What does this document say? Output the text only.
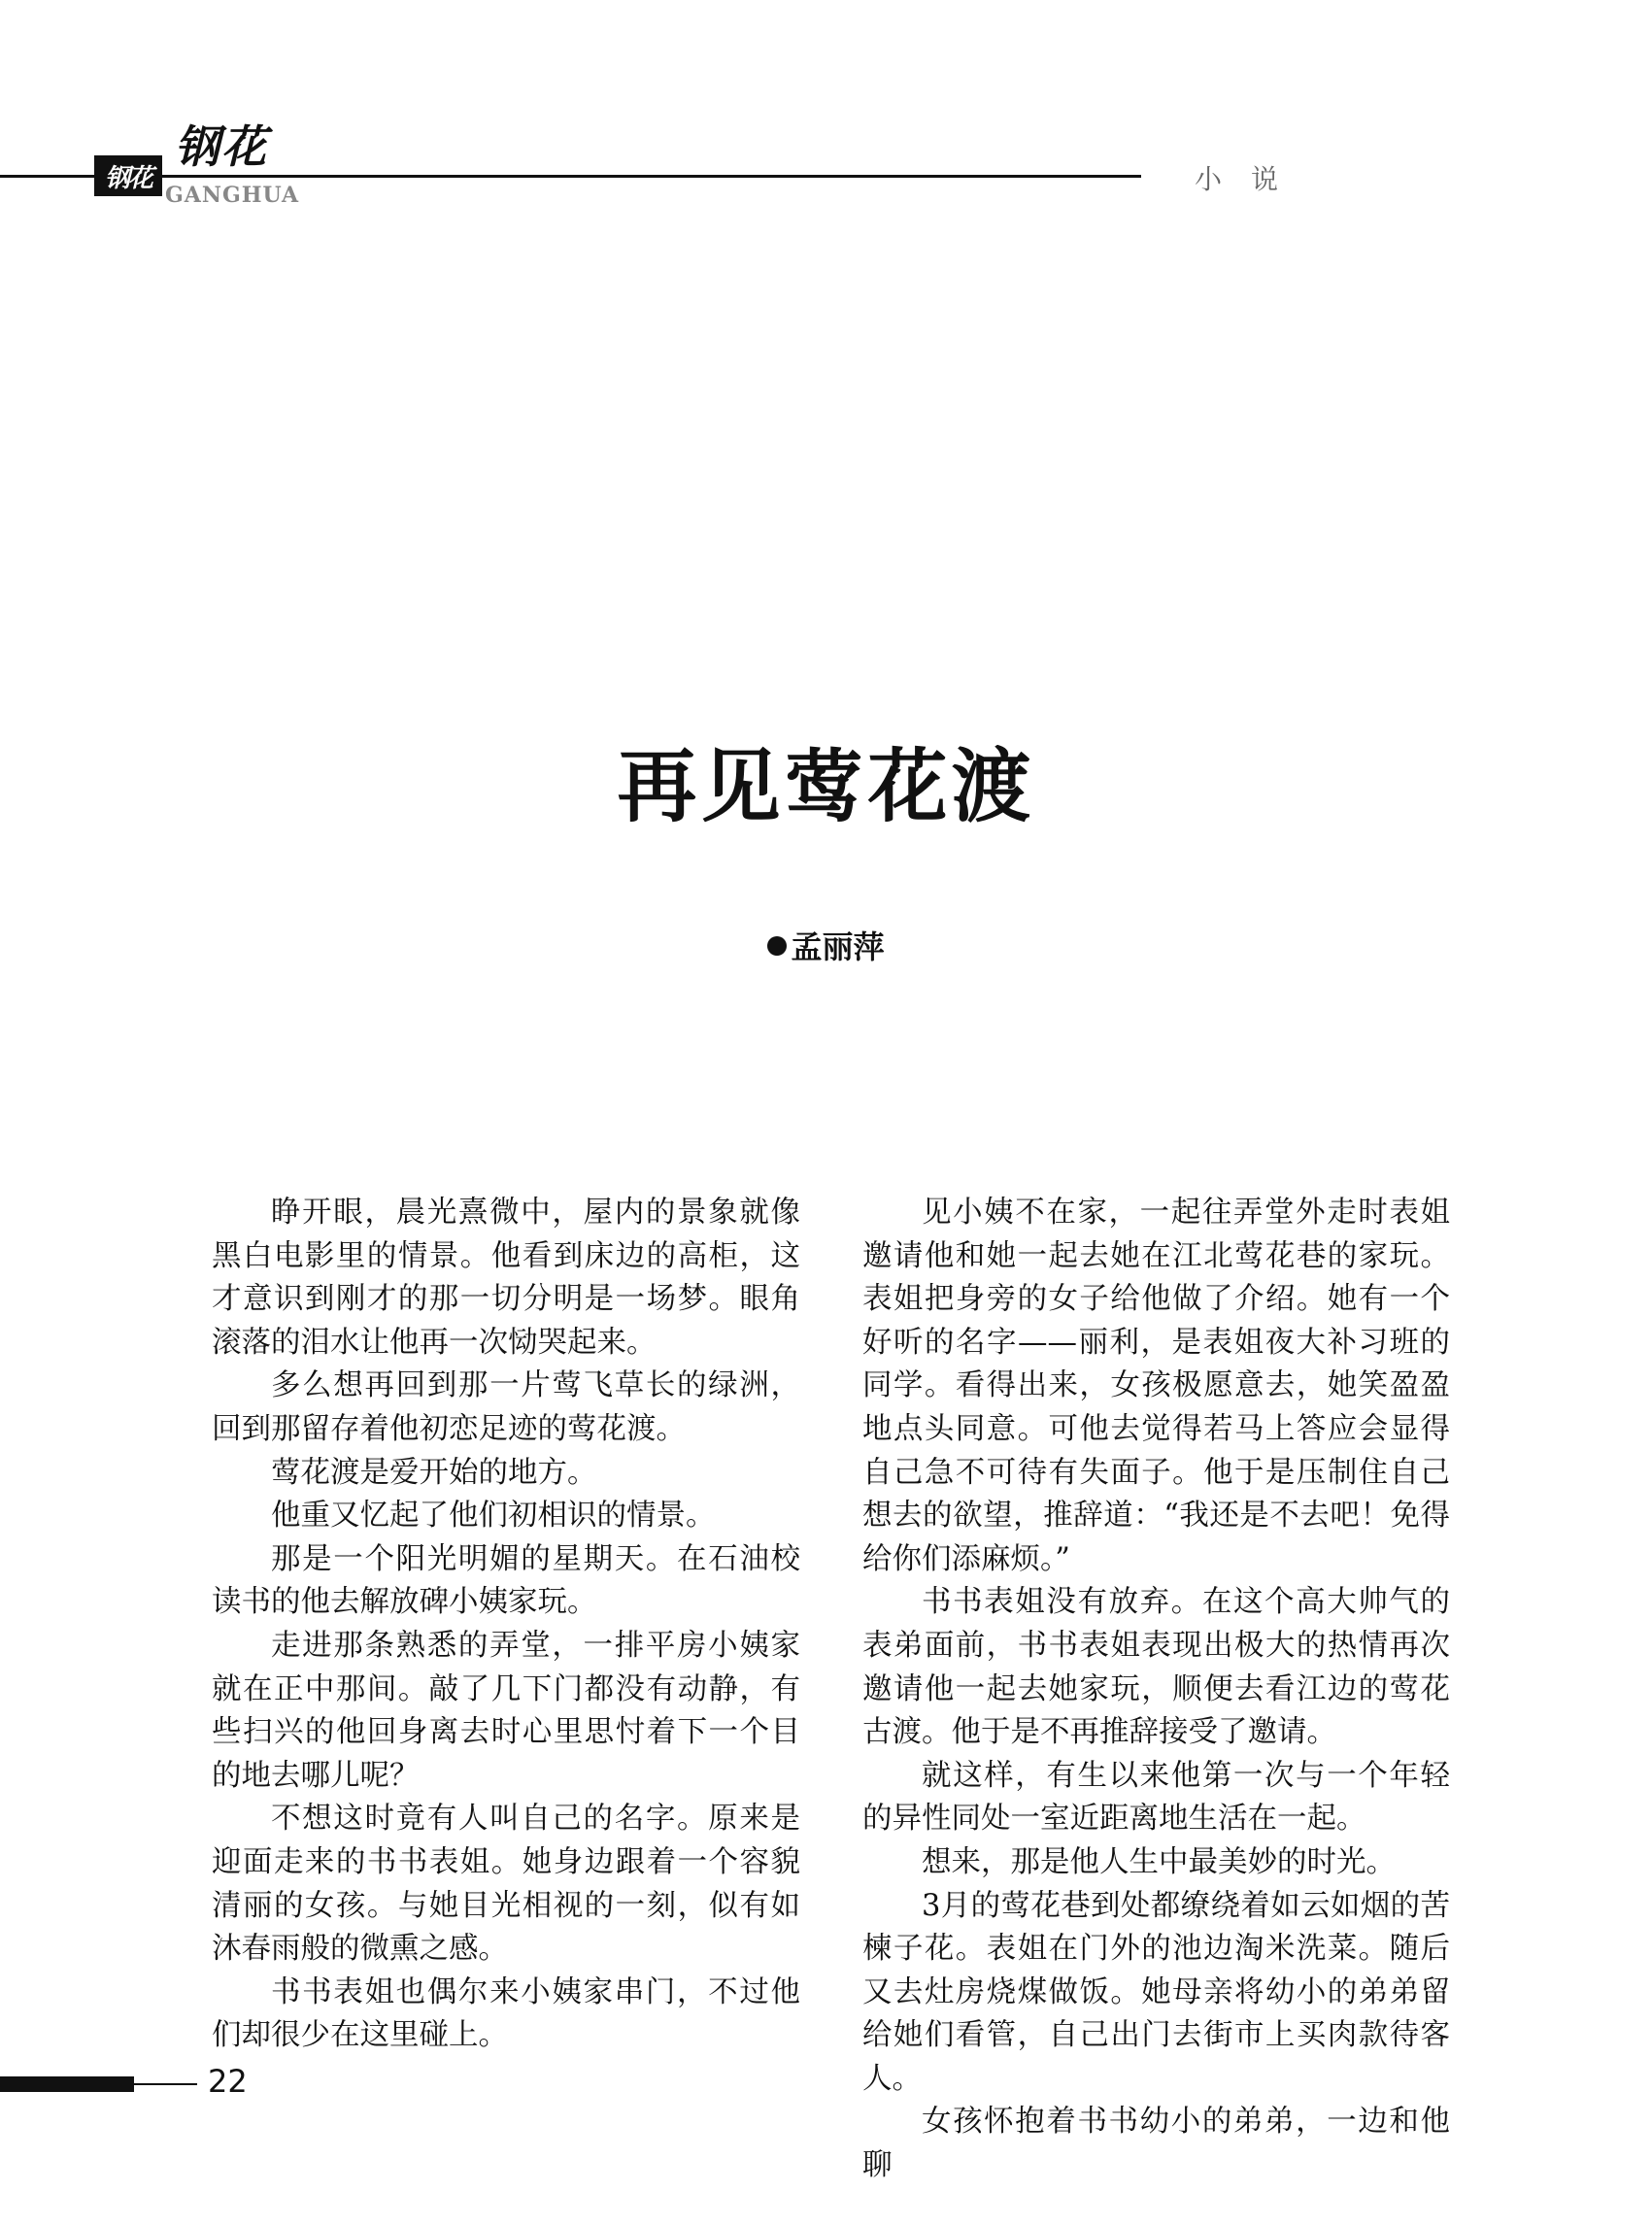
钢花
钢花
GANGHUA	小说
再见莺花渡
孟丽萍

睁开眼，晨光熹微中，屋内的景象就像黑白电影里的情景。他看到床边的高柜，这才意识到刚才的那一切分明是一场梦。眼角滚落的泪水让他再一次恸哭起来。

多么想再回到那一片莺飞草长的绿洲，回到那留存着他初恋足迹的莺花渡。

莺花渡是爱开始的地方。

他重又忆起了他们初相识的情景。

那是一个阳光明媚的星期天。在石油校读书的他去解放碑小姨家玩。

走进那条熟悉的弄堂，一排平房小姨家就在正中那间。敲了几下门都没有动静，有些扫兴的他回身离去时心里思忖着下一个目的地去哪儿呢？

不想这时竟有人叫自己的名字。原来是迎面走来的书书表姐。她身边跟着一个容貌清丽的女孩。与她目光相视的一刻，似有如沐春雨般的微熏之感。

书书表姐也偶尔来小姨家串门，不过他们却很少在这里碰上。

见小姨不在家，一起往弄堂外走时表姐邀请他和她一起去她在江北莺花巷的家玩。表姐把身旁的女子给他做了介绍。她有一个好听的名字——丽利，是表姐夜大补习班的同学。看得出来，女孩极愿意去，她笑盈盈地点头同意。可他去觉得若马上答应会显得自己急不可待有失面子。他于是压制住自己想去的欲望，推辞道：“我还是不去吧！免得给你们添麻烦。”

书书表姐没有放弃。在这个高大帅气的表弟面前，书书表姐表现出极大的热情再次邀请他一起去她家玩，顺便去看江边的莺花古渡。他于是不再推辞接受了邀请。

就这样，有生以来他第一次与一个年轻的异性同处一室近距离地生活在一起。

想来，那是他人生中最美妙的时光。

3月的莺花巷到处都缭绕着如云如烟的苦楝子花。表姐在门外的池边淘米洗菜。随后又去灶房烧煤做饭。她母亲将幼小的弟弟留给她们看管，自己出门去街市上买肉款待客人。

女孩怀抱着书书幼小的弟弟，一边和他聊

22
